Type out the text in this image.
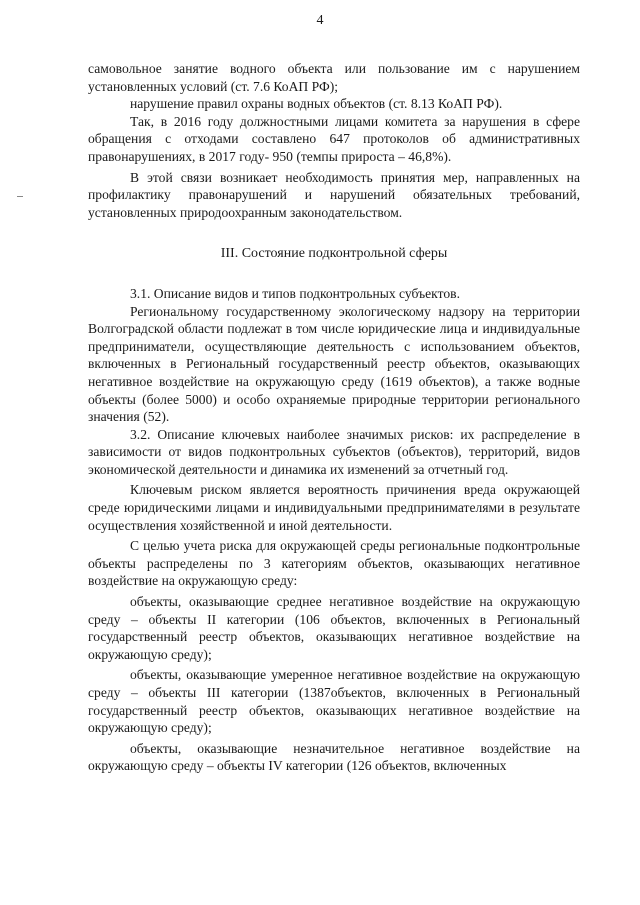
4

самовольное занятие водного объекта или пользование им с нарушением установленных условий (ст. 7.6 КоАП РФ);

нарушение правил охраны водных объектов (ст. 8.13 КоАП РФ).

Так, в 2016 году должностными лицами комитета за нарушения в сфере обращения с отходами составлено 647 протоколов об административных правонарушениях, в 2017 году- 950 (темпы прироста – 46,8%).

В этой связи возникает необходимость принятия мер, направленных на профилактику правонарушений и нарушений обязательных требований, установленных природоохранным законодательством.

III. Состояние подконтрольной сферы

3.1. Описание видов и типов подконтрольных субъектов.

Региональному государственному экологическому надзору на территории Волгоградской области подлежат в том числе юридические лица и индивидуальные предприниматели, осуществляющие деятельность с использованием объектов, включенных в Региональный государственный реестр объектов, оказывающих негативное воздействие на окружающую среду (1619 объектов), а также водные объекты (более 5000) и особо охраняемые природные территории регионального значения (52).

3.2. Описание ключевых наиболее значимых рисков: их распределение в зависимости от видов подконтрольных субъектов (объектов), территорий, видов экономической деятельности и динамика их изменений за отчетный год.

Ключевым риском является вероятность причинения вреда окружающей среде юридическими лицами и индивидуальными предпринимателями в результате осуществления хозяйственной и иной деятельности.

С целью учета риска для окружающей среды региональные подконтрольные объекты распределены по 3 категориям объектов, оказывающих негативное воздействие на окружающую среду:

объекты, оказывающие среднее негативное воздействие на окружающую среду – объекты II категории (106 объектов, включенных в Региональный государственный реестр объектов, оказывающих негативное воздействие на окружающую среду);

объекты, оказывающие умеренное негативное воздействие на окружающую среду – объекты III категории (1387объектов, включенных в Региональный государственный реестр объектов, оказывающих негативное воздействие на окружающую среду);

объекты, оказывающие незначительное негативное воздействие на окружающую среду – объекты IV категории (126 объектов, включенных
